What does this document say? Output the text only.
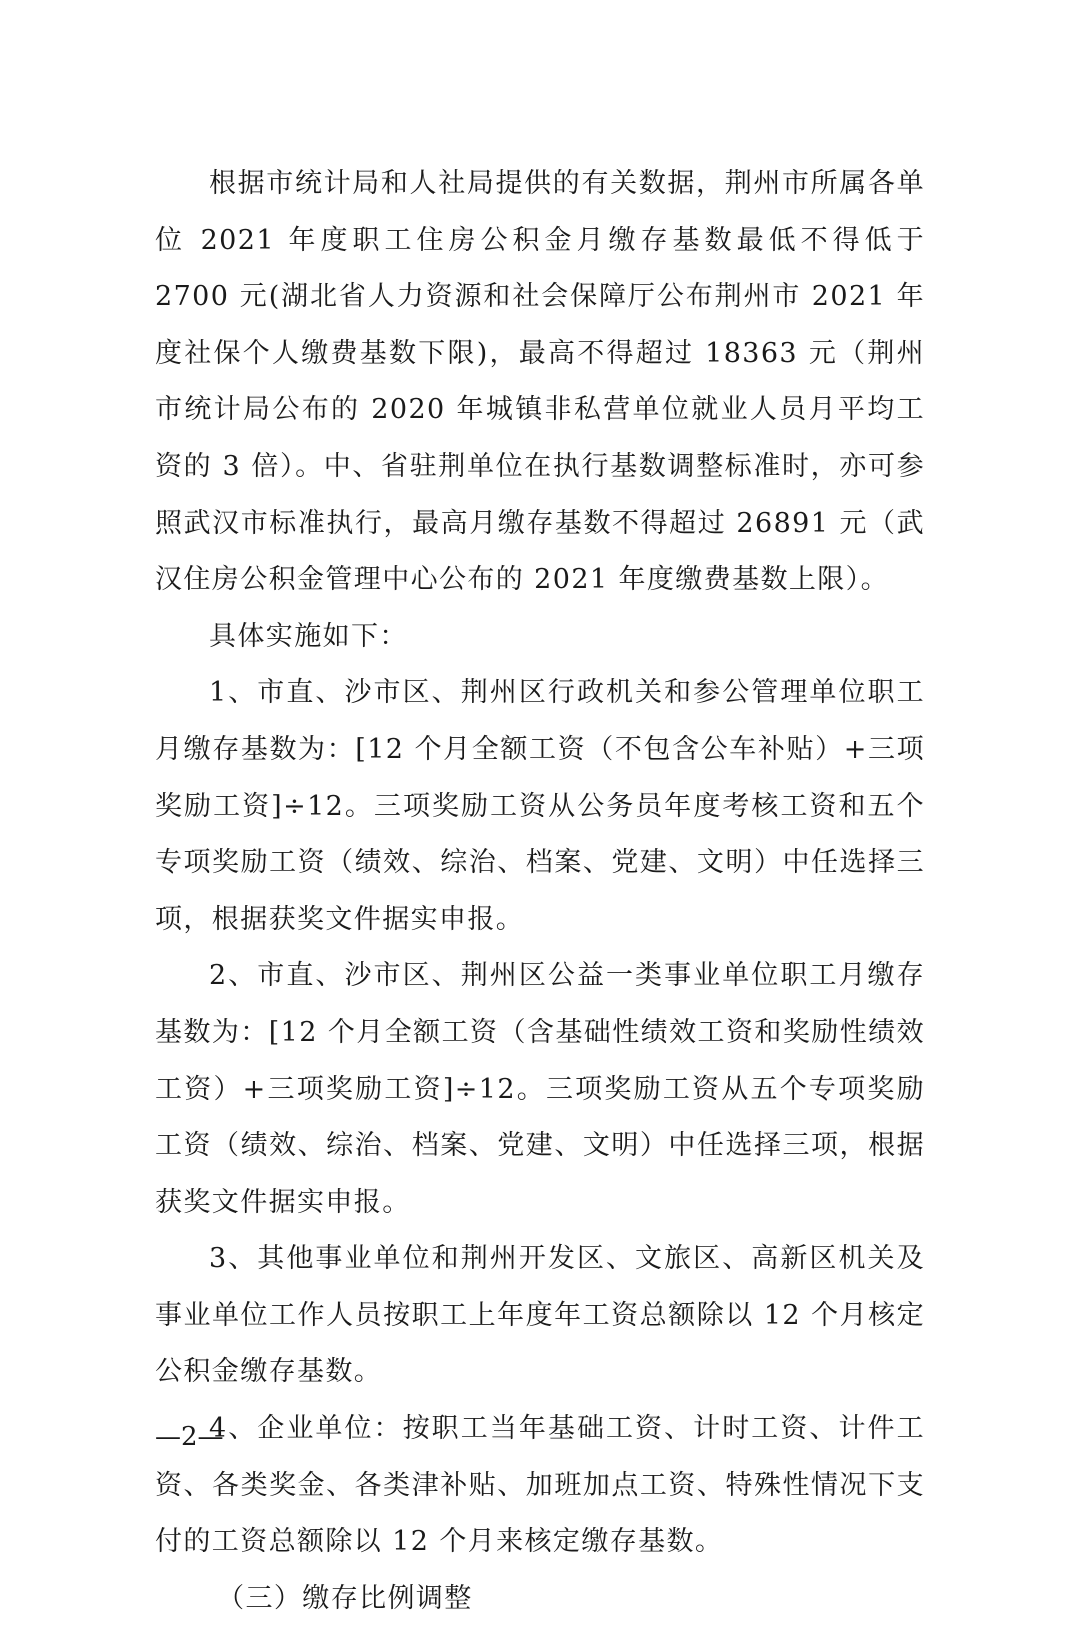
根据市统计局和人社局提供的有关数据，荆州市所属各单位 2021 年度职工住房公积金月缴存基数最低不得低于 2700 元(湖北省人力资源和社会保障厅公布荆州市 2021 年度社保个人缴费基数下限)，最高不得超过 18363 元（荆州市统计局公布的 2020 年城镇非私营单位就业人员月平均工资的 3 倍）。中、省驻荆单位在执行基数调整标准时，亦可参照武汉市标准执行，最高月缴存基数不得超过 26891 元（武汉住房公积金管理中心公布的 2021 年度缴费基数上限）。

具体实施如下：

1、市直、沙市区、荆州区行政机关和参公管理单位职工月缴存基数为：[12 个月全额工资（不包含公车补贴）+三项奖励工资]÷12。三项奖励工资从公务员年度考核工资和五个专项奖励工资（绩效、综治、档案、党建、文明）中任选择三项，根据获奖文件据实申报。

2、市直、沙市区、荆州区公益一类事业单位职工月缴存基数为：[12 个月全额工资（含基础性绩效工资和奖励性绩效工资）+三项奖励工资]÷12。三项奖励工资从五个专项奖励工资（绩效、综治、档案、党建、文明）中任选择三项，根据获奖文件据实申报。

3、其他事业单位和荆州开发区、文旅区、高新区机关及事业单位工作人员按职工上年度年工资总额除以 12 个月核定公积金缴存基数。

4、企业单位：按职工当年基础工资、计时工资、计件工资、各类奖金、各类津补贴、加班加点工资、特殊性情况下支付的工资总额除以 12 个月来核定缴存基数。

（三）缴存比例调整

—2—
